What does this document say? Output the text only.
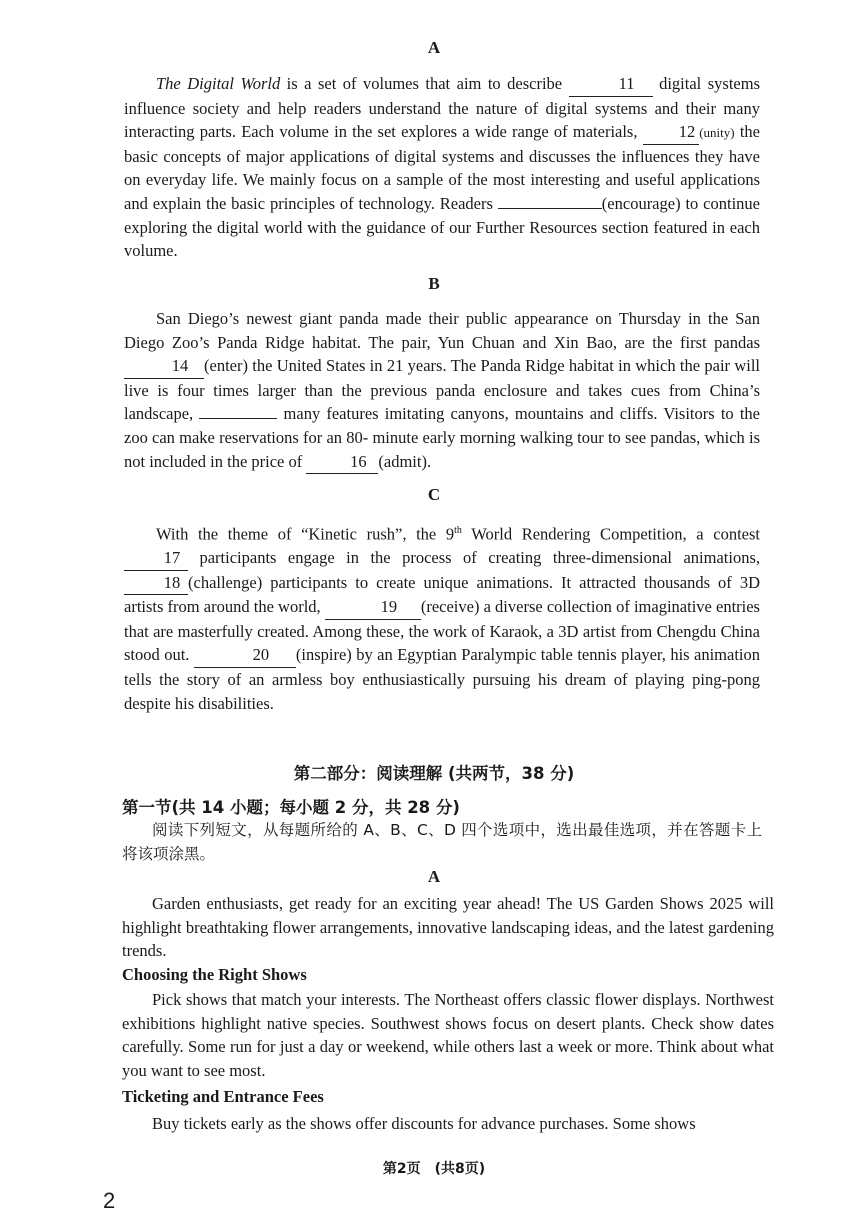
A

The Digital World is a set of volumes that aim to describe	11 digital systems influence society and help readers understand the nature of digital systems and their many interacting parts. Each volume in the set explores a wide range of materials, 12 (unity) the basic concepts of major applications of digital systems and discusses the influences they have on everyday life. We mainly focus on a sample of the most interesting and useful applications and explain the basic principles of technology. Readers	(encourage) to continue exploring the digital world with the guidance of our Further Resources section featured in each volume.

B

San Diego’s newest giant panda made their public appearance on Thursday in the San Diego Zoo’s Panda Ridge habitat. The pair, Yun Chuan and Xin Bao, are the first pandas 14 (enter) the United States in 21 years. The Panda Ridge habitat in which the pair will live is four times larger than the previous panda enclosure and takes cues from China’s landscape,	many features imitating canyons, mountains and cliffs. Visitors to the zoo can make reservations for an 80- minute early morning walking tour to see pandas, which is not included in the price of	16 (admit).

C

With the theme of “Kinetic rush”, the 9th World Rendering Competition, a contest 17 participants engage in the process of creating three-dimensional animations, 18 (challenge) participants to create unique animations. It attracted thousands of 3D artists from around the world,	19 (receive) a diverse collection of imaginative entries that are masterfully created. Among these, the work of Karaok, a 3D artist from Chengdu China stood out.	20 (inspire) by an Egyptian Paralympic table tennis player, his animation tells the story of an armless boy enthusiastically pursuing his dream of playing ping-pong despite his disabilities.

第二部分：阅读理解 (共两节，38 分)
第一节(共 14 小题；每小题 2 分，共 28 分)

阅读下列短文，从每题所给的 A、B、C、D 四个选项中，选出最佳选项，并在答题卡上将该项涂黑。

A

Garden enthusiasts, get ready for an exciting year ahead! The US Garden Shows 2025 will highlight breathtaking flower arrangements, innovative landscaping ideas, and the latest gardening trends.

Choosing the Right Shows

Pick shows that match your interests. The Northeast offers classic flower displays. Northwest exhibitions highlight native species. Southwest shows focus on desert plants. Check show dates carefully. Some run for just a day or weekend, while others last a week or more. Think about what you want to see most.

Ticketing and Entrance Fees

Buy tickets early as the shows offer discounts for advance purchases. Some shows

第2页　(共8页)
2
